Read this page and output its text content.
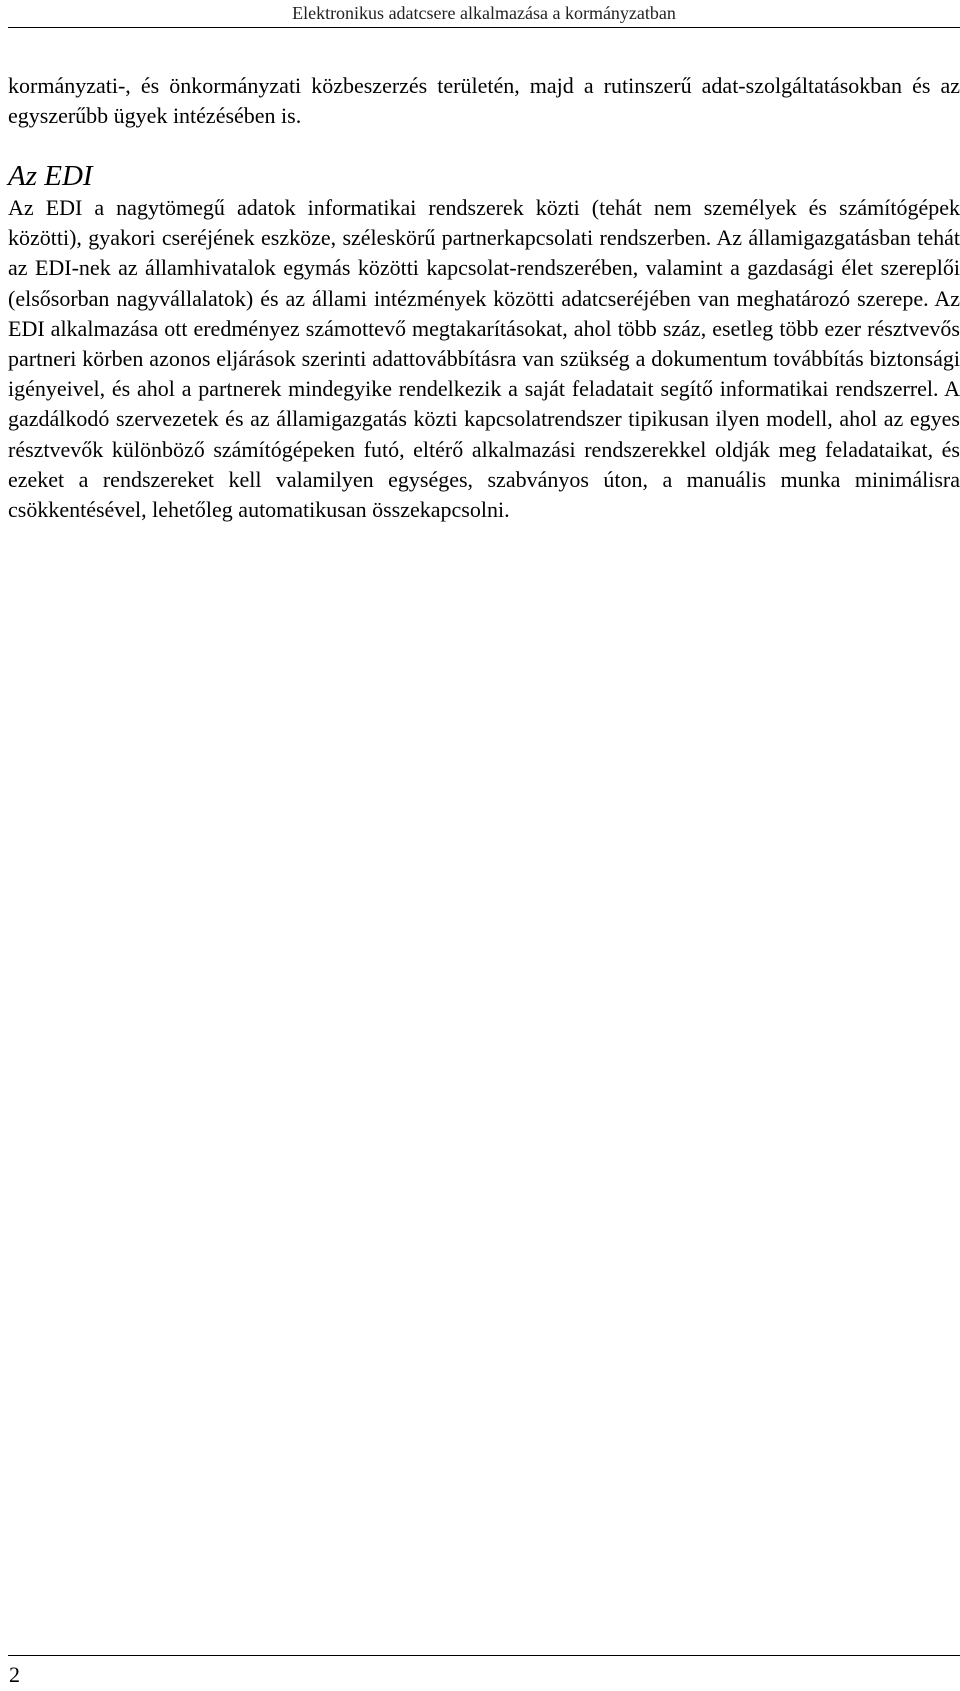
Elektronikus adatcsere alkalmazása a kormányzatban

kormányzati-, és önkormányzati közbeszerzés területén, majd a rutinszerű adat-szolgáltatásokban és az egyszerűbb ügyek intézésében is.

Az EDI

Az EDI a nagytömegű adatok informatikai rendszerek közti (tehát nem személyek és számítógépek közötti), gyakori cseréjének eszköze, széleskörű partnerkapcsolati rendszerben. Az államigazgatásban tehát az EDI-nek az államhivatalok egymás közötti kapcsolat-rendszerében, valamint a gazdasági élet szereplői (elsősorban nagyvállalatok) és az állami intézmények közötti adatcseréjében van meghatározó szerepe. Az EDI alkalmazása ott eredményez számottevő megtakarításokat, ahol több száz, esetleg több ezer résztvevős partneri körben azonos eljárások szerinti adattovábbításra van szükség a dokumentum továbbítás biztonsági igényeivel, és ahol a partnerek mindegyike rendelkezik a saját feladatait segítő informatikai rendszerrel. A gazdálkodó szervezetek és az államigazgatás közti kapcsolatrendszer tipikusan ilyen modell, ahol az egyes résztvevők különböző számítógépeken futó, eltérő alkalmazási rendszerekkel oldják meg feladataikat, és ezeket a rendszereket kell valamilyen egységes, szabványos úton, a manuális munka minimálisra csökkentésével, lehetőleg automatikusan összekapcsolni.

2
